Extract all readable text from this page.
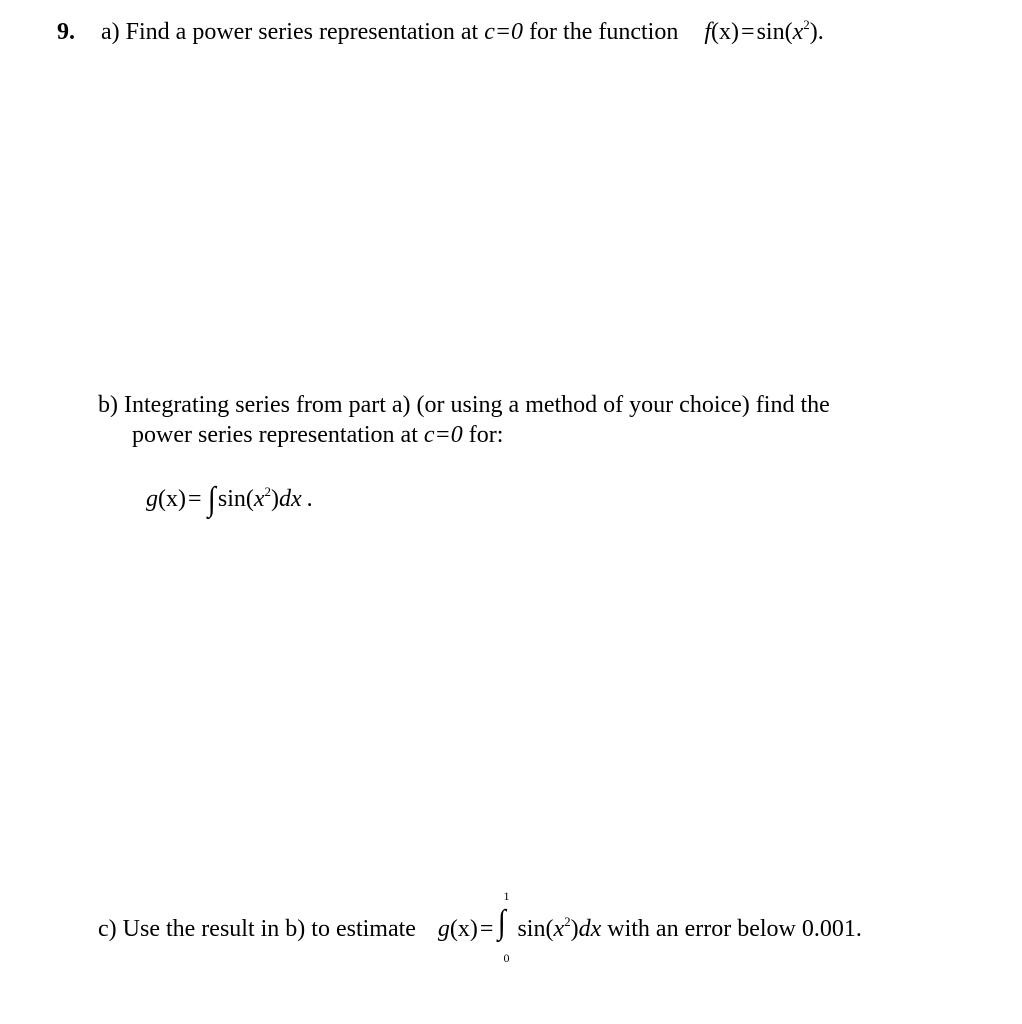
9. a) Find a power series representation at c=0 for the function $f(x)=\sin(x^2)$.
b) Integrating series from part a) (or using a method of your choice) find the
power series representation at c=0 for:
g(x)= ∫ $\sin(x^2)dx$ .
c) Use the result in b) to estimate g(x)=
1
∫
0
$\sin(x^2)dx$ with an error below 0.001.
